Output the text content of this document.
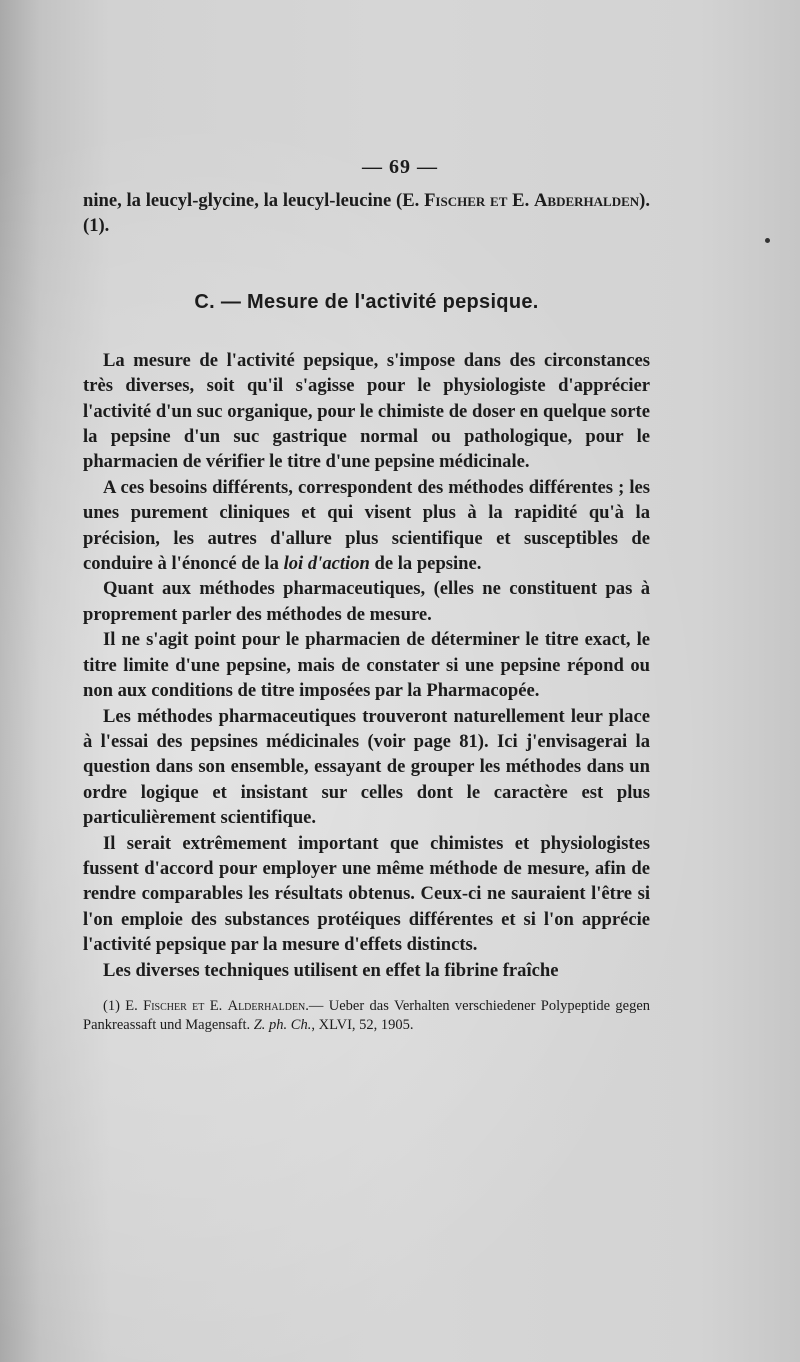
— 69 —

nine, la leucyl-glycine, la leucyl-leucine (E. Fischer et E. Abderhalden). (1).

C. — Mesure de l'activité pepsique.

La mesure de l'activité pepsique, s'impose dans des circonstances très diverses, soit qu'il s'agisse pour le physiologiste d'apprécier l'activité d'un suc organique, pour le chimiste de doser en quelque sorte la pepsine d'un suc gastrique normal ou pathologique, pour le pharmacien de vérifier le titre d'une pepsine médicinale.

A ces besoins différents, correspondent des méthodes différentes ; les unes purement cliniques et qui visent plus à la rapidité qu'à la précision, les autres d'allure plus scientifique et susceptibles de conduire à l'énoncé de la loi d'action de la pepsine.

Quant aux méthodes pharmaceutiques, (elles ne constituent pas à proprement parler des méthodes de mesure.

Il ne s'agit point pour le pharmacien de déterminer le titre exact, le titre limite d'une pepsine, mais de constater si une pepsine répond ou non aux conditions de titre imposées par la Pharmacopée.

Les méthodes pharmaceutiques trouveront naturellement leur place à l'essai des pepsines médicinales (voir page 81). Ici j'envisagerai la question dans son ensemble, essayant de grouper les méthodes dans un ordre logique et insistant sur celles dont le caractère est plus particulièrement scientifique.

Il serait extrêmement important que chimistes et physiologistes fussent d'accord pour employer une même méthode de mesure, afin de rendre comparables les résultats obtenus. Ceux-ci ne sauraient l'être si l'on emploie des substances protéiques différentes et si l'on apprécie l'activité pepsique par la mesure d'effets distincts.

Les diverses techniques utilisent en effet la fibrine fraîche

(1) E. Fischer et E. Alderhalden.— Ueber das Verhalten verschiedener Polypeptide gegen Pankreassaft und Magensaft. Z. ph. Ch., XLVI, 52, 1905.
